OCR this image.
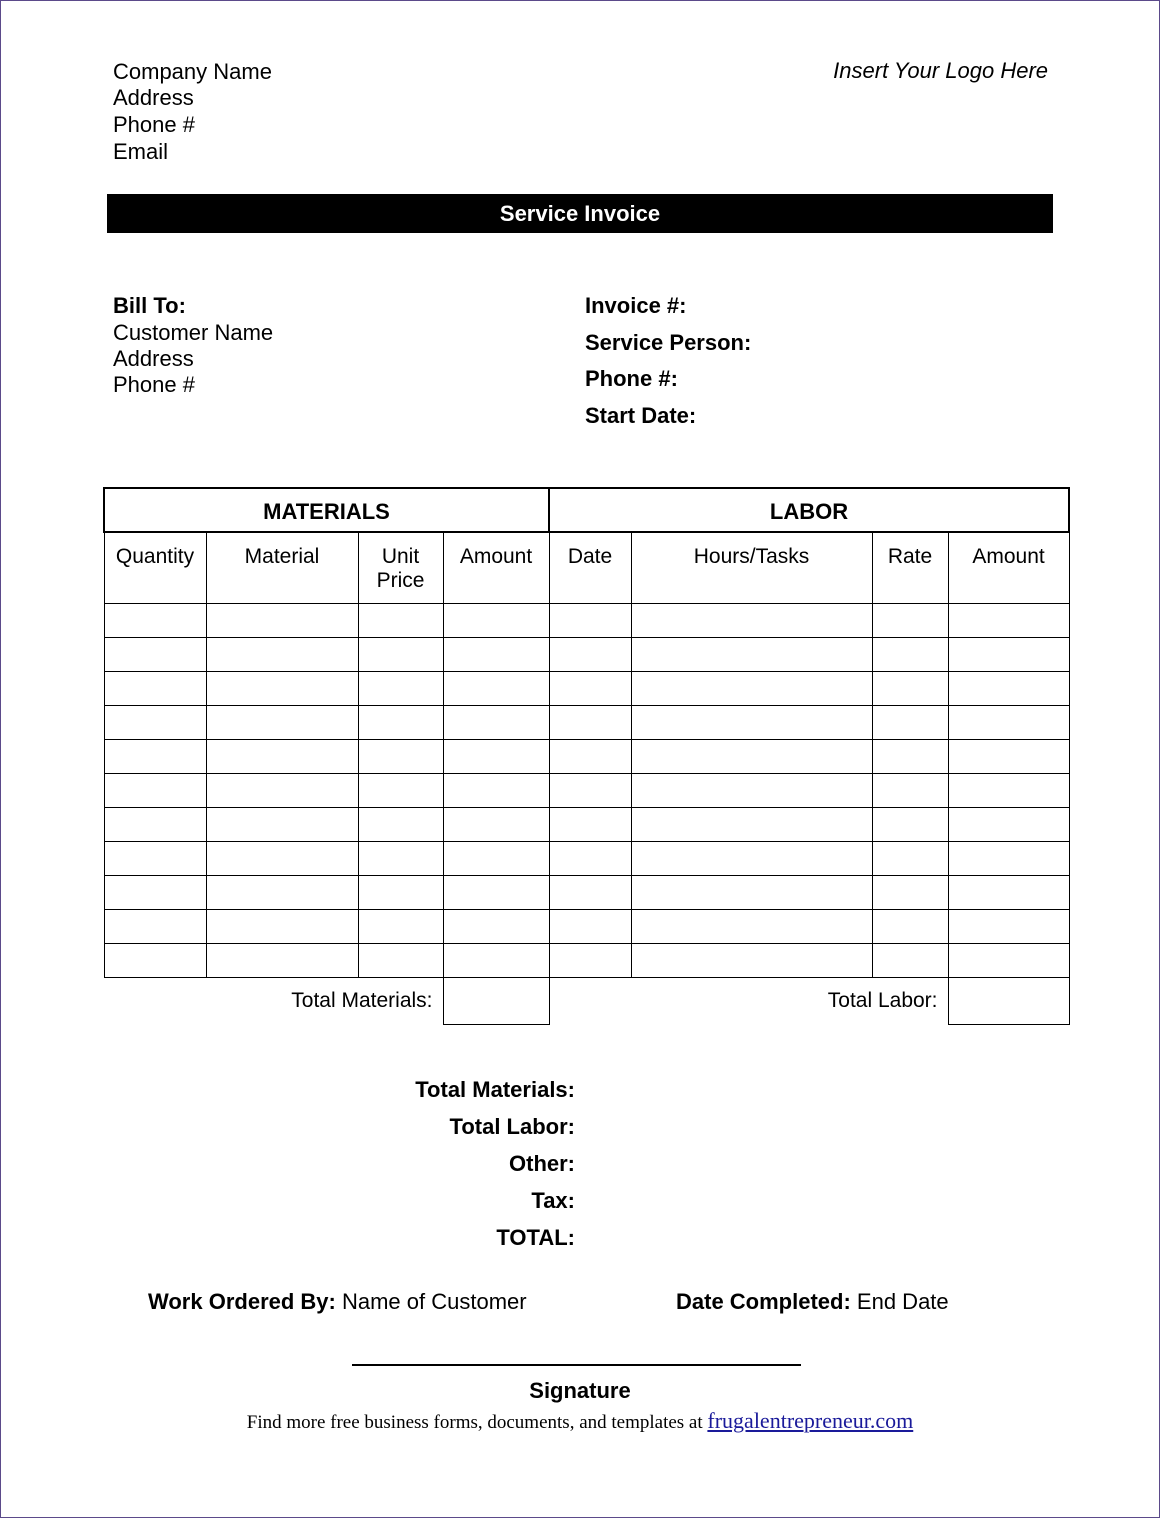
Company Name
Address
Phone #
Email
Insert Your Logo Here
Service Invoice
Bill To:
Customer Name
Address
Phone #
Invoice #:
Service Person:
Phone #:
Start Date:
MATERIALS				LABOR			
Quantity	Material	Unit Price	Amount	Date	Hours/Tasks	Rate	Amount

Total Materials:				Total Labor:			
Total Materials:
Total Labor:
Other:
Tax:
TOTAL:
Work Ordered By: Name of Customer	Date Completed: End Date
Signature
Find more free business forms, documents, and templates at frugalentrepreneur.com
